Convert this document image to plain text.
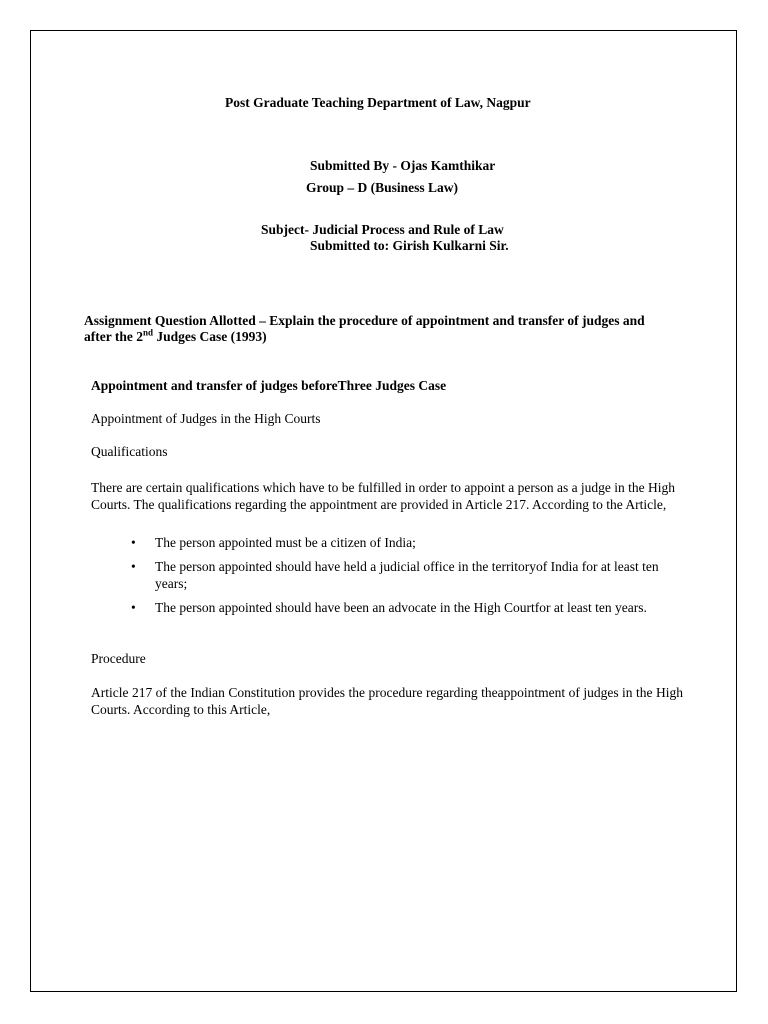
Post Graduate Teaching Department of Law, Nagpur
Submitted By - Ojas Kamthikar
Group – D (Business Law)
Subject- Judicial Process and Rule of Law
Submitted to: Girish Kulkarni Sir.
Assignment Question Allotted – Explain the procedure of appointment and transfer of judges and
after the 2nd Judges Case (1993)
Appointment and transfer of judges beforeThree Judges Case
Appointment of Judges in the High Courts
Qualifications
There are certain qualifications which have to be fulfilled in order to appoint a person as a judge in the High Courts. The qualifications regarding the appointment are provided in Article 217. According to the Article,
• The person appointed must be a citizen of India;
• The person appointed should have held a judicial office in the territoryof India for at least ten years;
• The person appointed should have been an advocate in the High Courtfor at least ten years.
Procedure
Article 217 of the Indian Constitution provides the procedure regarding theappointment of judges in the High Courts. According to this Article,
